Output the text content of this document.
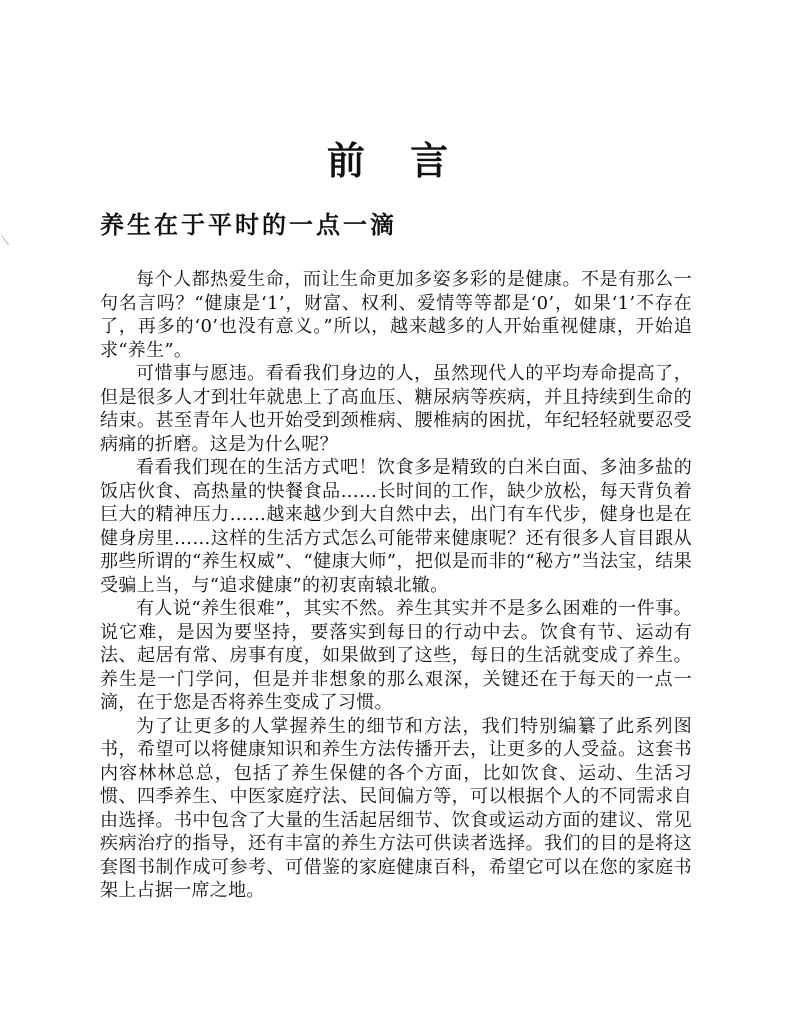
前 言
养生在于平时的一点一滴

每个人都热爱生命，而让生命更加多姿多彩的是健康。不是有那么一句名言吗？“健康是‘1’，财富、权利、爱情等等都是‘0’，如果‘1’不存在了，再多的‘0’也没有意义。”所以，越来越多的人开始重视健康，开始追求“养生”。

可惜事与愿违。看看我们身边的人，虽然现代人的平均寿命提高了，但是很多人才到壮年就患上了高血压、糖尿病等疾病，并且持续到生命的结束。甚至青年人也开始受到颈椎病、腰椎病的困扰，年纪轻轻就要忍受病痛的折磨。这是为什么呢？

看看我们现在的生活方式吧！饮食多是精致的白米白面、多油多盐的饭店伙食、高热量的快餐食品……长时间的工作，缺少放松，每天背负着巨大的精神压力……越来越少到大自然中去，出门有车代步，健身也是在健身房里……这样的生活方式怎么可能带来健康呢？还有很多人盲目跟从那些所谓的“养生权威”、“健康大师”，把似是而非的“秘方”当法宝，结果受骗上当，与“追求健康”的初衷南辕北辙。

有人说“养生很难”，其实不然。养生其实并不是多么困难的一件事。说它难，是因为要坚持，要落实到每日的行动中去。饮食有节、运动有法、起居有常、房事有度，如果做到了这些，每日的生活就变成了养生。养生是一门学问，但是并非想象的那么艰深，关键还在于每天的一点一滴，在于您是否将养生变成了习惯。

为了让更多的人掌握养生的细节和方法，我们特别编纂了此系列图书，希望可以将健康知识和养生方法传播开去，让更多的人受益。这套书内容林林总总，包括了养生保健的各个方面，比如饮食、运动、生活习惯、四季养生、中医家庭疗法、民间偏方等，可以根据个人的不同需求自由选择。书中包含了大量的生活起居细节、饮食或运动方面的建议、常见疾病治疗的指导，还有丰富的养生方法可供读者选择。我们的目的是将这套图书制作成可参考、可借鉴的家庭健康百科，希望它可以在您的家庭书架上占据一席之地。
